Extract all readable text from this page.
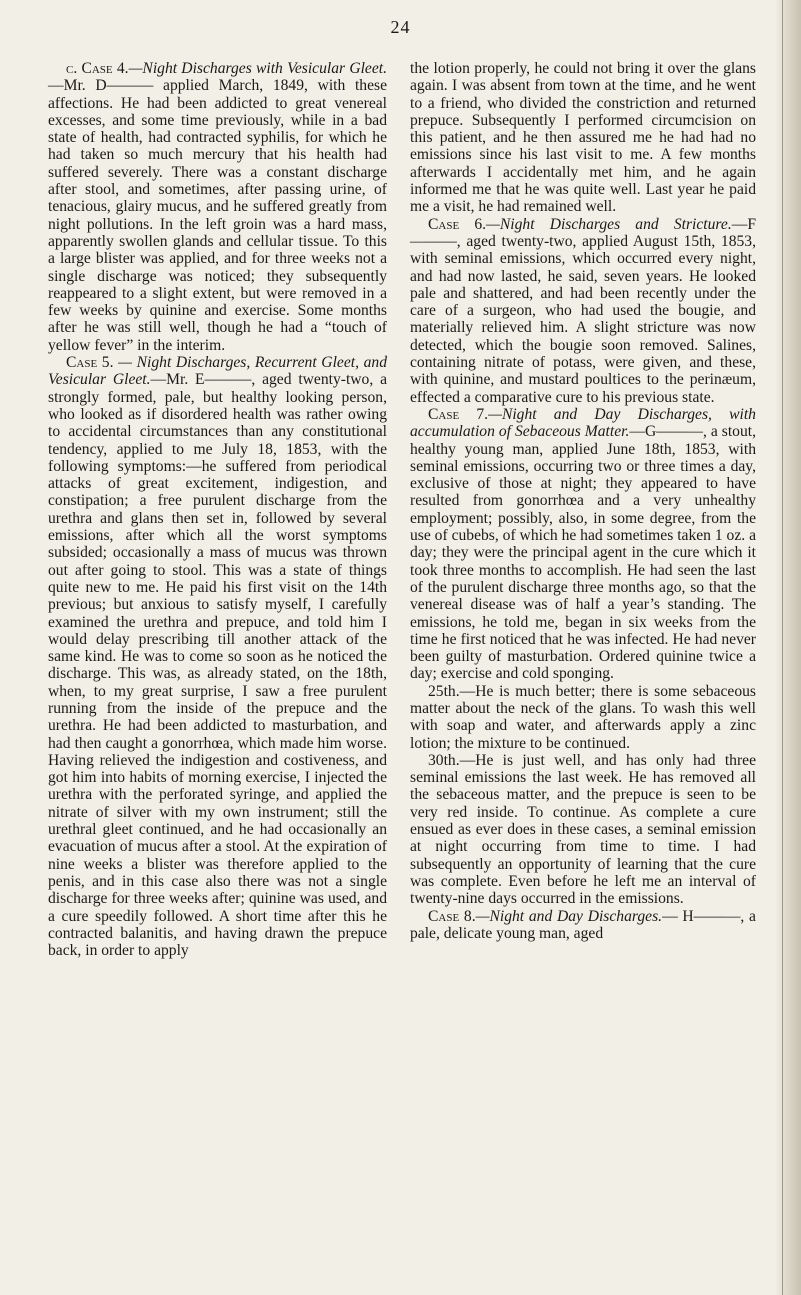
24

c. Case 4.—Night Discharges with Vesicular Gleet.—Mr. D——— applied March, 1849, with these affections. He had been addicted to great venereal excesses, and some time previously, while in a bad state of health, had contracted syphilis, for which he had taken so much mercury that his health had suffered severely. There was a constant discharge after stool, and sometimes, after passing urine, of tenacious, glairy mucus, and he suffered greatly from night pollutions. In the left groin was a hard mass, apparently swollen glands and cellular tissue. To this a large blister was applied, and for three weeks not a single discharge was noticed; they subsequently reappeared to a slight extent, but were removed in a few weeks by quinine and exercise. Some months after he was still well, though he had a “touch of yellow fever” in the interim.

Case 5. — Night Discharges, Recurrent Gleet, and Vesicular Gleet.—Mr. E———, aged twenty-two, a strongly formed, pale, but healthy looking person, who looked as if disordered health was rather owing to accidental circumstances than any constitutional tendency, applied to me July 18, 1853, with the following symptoms:—he suffered from periodical attacks of great excitement, indigestion, and constipation; a free purulent discharge from the urethra and glans then set in, followed by several emissions, after which all the worst symptoms subsided; occasionally a mass of mucus was thrown out after going to stool. This was a state of things quite new to me. He paid his first visit on the 14th previous; but anxious to satisfy myself, I carefully examined the urethra and prepuce, and told him I would delay prescribing till another attack of the same kind. He was to come so soon as he noticed the discharge. This was, as already stated, on the 18th, when, to my great surprise, I saw a free purulent running from the inside of the prepuce and the urethra. He had been addicted to masturbation, and had then caught a gonorrhœa, which made him worse. Having relieved the indigestion and costiveness, and got him into habits of morning exercise, I injected the urethra with the perforated syringe, and applied the nitrate of silver with my own instrument; still the urethral gleet continued, and he had occasionally an evacuation of mucus after a stool. At the expiration of nine weeks a blister was therefore applied to the penis, and in this case also there was not a single discharge for three weeks after; quinine was used, and a cure speedily followed. A short time after this he contracted balanitis, and having drawn the prepuce back, in order to apply

the lotion properly, he could not bring it over the glans again. I was absent from town at the time, and he went to a friend, who divided the constriction and returned prepuce. Subsequently I performed circumcision on this patient, and he then assured me he had had no emissions since his last visit to me. A few months afterwards I accidentally met him, and he again informed me that he was quite well. Last year he paid me a visit, he had remained well.

Case 6.—Night Discharges and Stricture.—F———, aged twenty-two, applied August 15th, 1853, with seminal emissions, which occurred every night, and had now lasted, he said, seven years. He looked pale and shattered, and had been recently under the care of a surgeon, who had used the bougie, and materially relieved him. A slight stricture was now detected, which the bougie soon removed. Salines, containing nitrate of potass, were given, and these, with quinine, and mustard poultices to the perinæum, effected a comparative cure to his previous state.

Case 7.—Night and Day Discharges, with accumulation of Sebaceous Matter.—G———, a stout, healthy young man, applied June 18th, 1853, with seminal emissions, occurring two or three times a day, exclusive of those at night; they appeared to have resulted from gonorrhœa and a very unhealthy employment; possibly, also, in some degree, from the use of cubebs, of which he had sometimes taken 1 oz. a day; they were the principal agent in the cure which it took three months to accomplish. He had seen the last of the purulent discharge three months ago, so that the venereal disease was of half a year’s standing. The emissions, he told me, began in six weeks from the time he first noticed that he was infected. He had never been guilty of masturbation. Ordered quinine twice a day; exercise and cold sponging.

25th.—He is much better; there is some sebaceous matter about the neck of the glans. To wash this well with soap and water, and afterwards apply a zinc lotion; the mixture to be continued.

30th.—He is just well, and has only had three seminal emissions the last week. He has removed all the sebaceous matter, and the prepuce is seen to be very red inside. To continue. As complete a cure ensued as ever does in these cases, a seminal emission at night occurring from time to time. I had subsequently an opportunity of learning that the cure was complete. Even before he left me an interval of twenty-nine days occurred in the emissions.

Case 8.—Night and Day Discharges.— H———, a pale, delicate young man, aged
